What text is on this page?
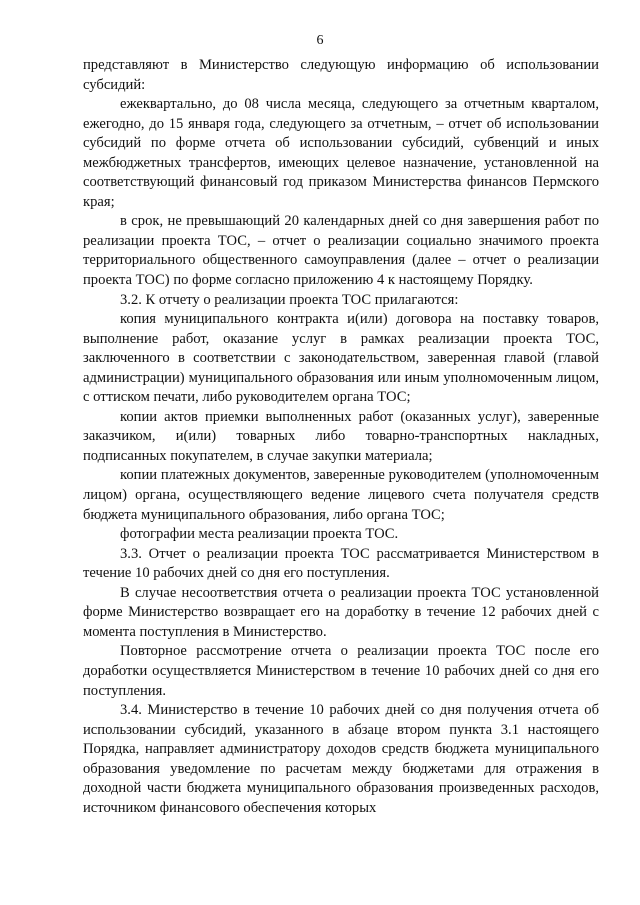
6

представляют в Министерство следующую информацию об использовании субсидий:

ежеквартально, до 08 числа месяца, следующего за отчетным кварталом, ежегодно, до 15 января года, следующего за отчетным, – отчет об использовании субсидий по форме отчета об использовании субсидий, субвенций и иных межбюджетных трансфертов, имеющих целевое назначение, установленной на соответствующий финансовый год приказом Министерства финансов Пермского края;

в срок, не превышающий 20 календарных дней со дня завершения работ по реализации проекта ТОС, – отчет о реализации социально значимого проекта территориального общественного самоуправления (далее – отчет о реализации проекта ТОС) по форме согласно приложению 4 к настоящему Порядку.

3.2. К отчету о реализации проекта ТОС прилагаются:

копия муниципального контракта и(или) договора на поставку товаров, выполнение работ, оказание услуг в рамках реализации проекта ТОС, заключенного в соответствии с законодательством, заверенная главой (главой администрации) муниципального образования или иным уполномоченным лицом, с оттиском печати, либо руководителем органа ТОС;

копии актов приемки выполненных работ (оказанных услуг), заверенные заказчиком, и(или) товарных либо товарно-транспортных накладных, подписанных покупателем, в случае закупки материала;

копии платежных документов, заверенные руководителем (уполномоченным лицом) органа, осуществляющего ведение лицевого счета получателя средств бюджета муниципального образования, либо органа ТОС;

фотографии места реализации проекта ТОС.

3.3. Отчет о реализации проекта ТОС рассматривается Министерством в течение 10 рабочих дней со дня его поступления.

В случае несоответствия отчета о реализации проекта ТОС установленной форме Министерство возвращает его на доработку в течение 12 рабочих дней с момента поступления в Министерство.

Повторное рассмотрение отчета о реализации проекта ТОС после его доработки осуществляется Министерством в течение 10 рабочих дней со дня его поступления.

3.4. Министерство в течение 10 рабочих дней со дня получения отчета об использовании субсидий, указанного в абзаце втором пункта 3.1 настоящего Порядка, направляет администратору доходов средств бюджета муниципального образования уведомление по расчетам между бюджетами для отражения в доходной части бюджета муниципального образования произведенных расходов, источником финансового обеспечения которых
